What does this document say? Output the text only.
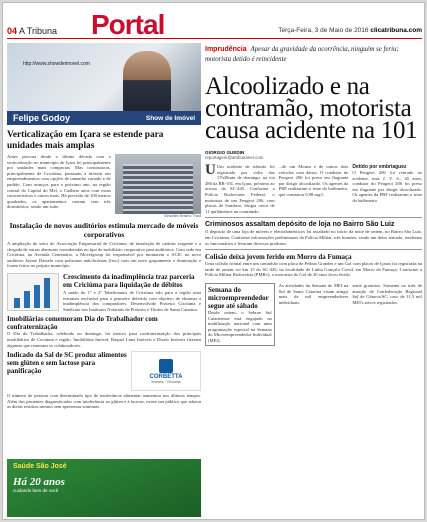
04 A Tribuna Portal	Terça-Feira, 3 de Maio de 2016 clicatribuna.com
http://www.showdeimovel.com
Felipe Godoy	Show de Imóvel
Verticalização em Içara se estende para unidades mais amplas
Antes procura desde o último década com a verticalização no município de Içara foi principalmente por unidades mais compactas. Mas construtoras, principalmente de Criciúma, passaram a investir em empreendimentos com opções de tamanho variado e de padrão. Com avanços para o próximo ano, na região central do Capital do Mel, o Cadheto anos com essas características e outros mais. Há previsão de 100 metros quadrados, os apartamentos contam com três dormitórios, sendo um suíte.
Gesoltec Ensino Trust
Instalação de novos auditórios estimula mercado de móveis corporativos
A ampliação do setor do Associação Empresarial de Criciúma, de instalação de cadeias exigente e a chegada de outras aberturas consideradas no tipo de mobiliário corporativo para auditórios. Com sede em Criciúma, na Avenida Centenário, a Movelgroup foi responsável por montarem o ACIC no novo auditório Jayme Dassela com poltronas anticlicônias (fixo) com um novo grupamento e iluminação e foram feitos no próprio município.
Crescimento da inadimplência traz parceria em Criciúma para liquidação de débitos
A união do 1º e 2º Tabelionatos de Criciúma irão para a região uma estrutura exclusiva para o primeiro deferido com objetivo de eliminar a inadimplência dos compradores. Desenvolvido Protesto Criciúma e Sindicato nos Institutos Notariais de Protesto e Títulos de Santa Catarina.
Imobiliárias comemoram Dia do Trabalhador com confraternização
O Dia do Trabalhador, celebrado no domingo, foi motivo para confraternização dos principais imobiliários de Criciúma e região. Imobiliária Imóvel, Raquel Lima Imóveis e Disalo Imóveis fizeram algumas que reuniram os colaboradores.
Indicado da Sal de SC produz alimentos sem glúten e sem lactose para panificação
CORBETTA
Imóveis · Criciúma
O número de pessoas com determinado tipo de intolerância alimentar aumentou nos últimos tempos. Além dos pacientes diagnosticados com intolerância ao glúten e à lactose, existe um público que adotou as dietas restritas mesmo sem apresentar sintomas.
Saúde São José
Há 20 anos
cuidando bem de você
Imprudência Apesar da gravidade da ocorrência, ninguém se feriu; motorista detido é reincidente
Alcoolizado e na contramão, motorista causa acidente na 101
GIORGIO GUEDIN
reportagem@atribunanet.com
U Um acidente de trânsito foi registrado por volta das 17h30min de domingo, na via 280 da BR-101, em Içara, próximo ao acesso da SC-445. Conforme a Polícia Rodoviária Federal, o motorista de um Peugeot 206, com placas de Sombrio, dirigia cerca de 11 quilômetros na contramão.
...de um Monza e de outros dois veículos com danos. O condutor do Peugeot 206 foi preso em flagrante por dirigir alcoolizado. Os agentes da PRF realizaram o teste do bafômetro, que constatou 0,98 mg/l.
Detido por embriaguez
O Peugeot 206 foi retirado ao acidente, mas J. V. S., 45 anos, condutor do Peugeot 206 foi preso em flagrante por dirigir alcoolizado. Os agentes da PRF realizaram o teste do bafômetro.
Criminosos assaltam depósito de loja no Bairro São Luiz
O depósito de uma loja de móveis e eletrodomésticos foi assaltado no início da noite de ontem, no Bairro São Luiz, em Criciúma. Conforme informações preliminares da Polícia Militar, três homens, sendo um deles armado, renderam os funcionários e levaram diversos produtos.
Colisão deixa jovem ferido em Morro da Fumaça
Uma colisão frontal entre um caminhão com placa de Pedras Grandes e um Gol com placas de Içaras foi registrada na tarde de ontem, no km 15 do SC-445, na localidade de Linha Gonçalo Covid, em Morro da Fumaça. Conforme a Polícia Militar Rodoviária (PMRv), o motorista do Gol de 20 anos ficou ferido.
Semana do microempreendedor segue até sábado
Desde ontem, o Sebrae Sul Catarinense está engajado na mobilização nacional com uma programação especial na Semana do Microempreendedor Individual (MEI).
As atividades da Semana do MEI na Sul de Santa Catarina visam atingir mais de mil empreendedores individuais.
sente gratuitos. Somente no mês de atuação de Confederação Regional Sul de Gênova/SC, caso de 11,5 mil MEI's ativos registrados.
